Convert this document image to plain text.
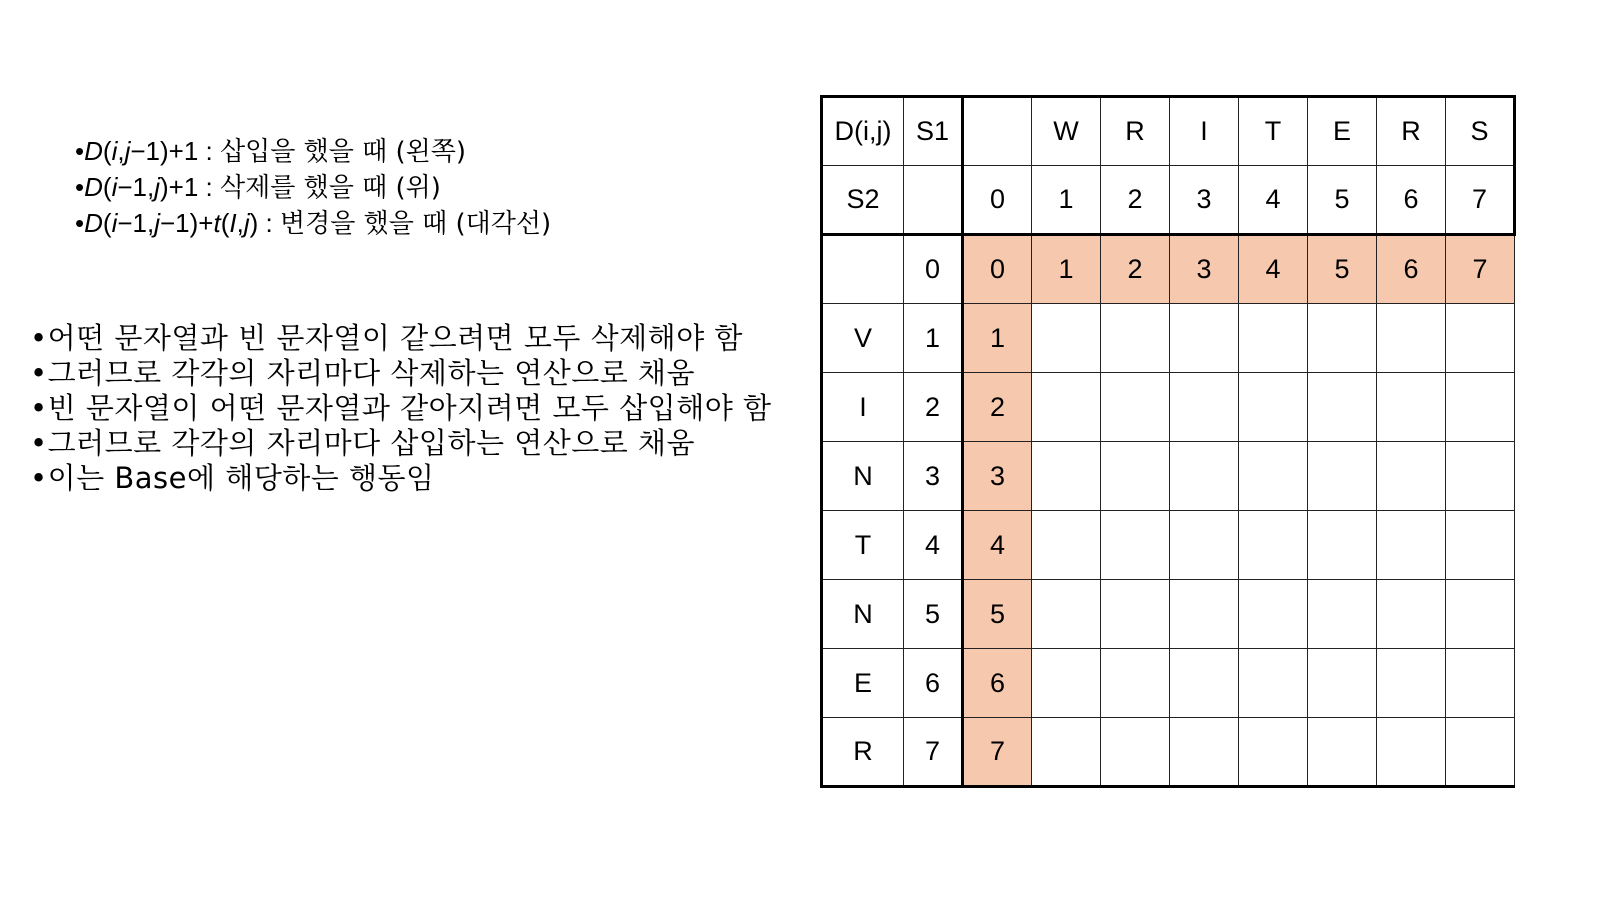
•D(i,j−1)+1 : 삽입을 했을 때 (왼쪽)
•D(i−1,j)+1 : 삭제를 했을 때 (위)
•D(i−1,j−1)+t(I,j) : 변경을 했을 때 (대각선)
•어떤 문자열과 빈 문자열이 같으려면 모두 삭제해야 함
•그러므로 각각의 자리마다 삭제하는 연산으로 채움
•빈 문자열이 어떤 문자열과 같아지려면 모두 삽입해야 함
•그러므로 각각의 자리마다 삽입하는 연산으로 채움
•이는 Base에 해당하는 행동임
D(i,j)	S1		W	R	I	T	E	R	S
S2		0	1	2	3	4	5	6	7
	0	0	1	2	3	4	5	6	7
V	1	1							
I	2	2							
N	3	3							
T	4	4							
N	5	5							
E	6	6							
R	7	7							
